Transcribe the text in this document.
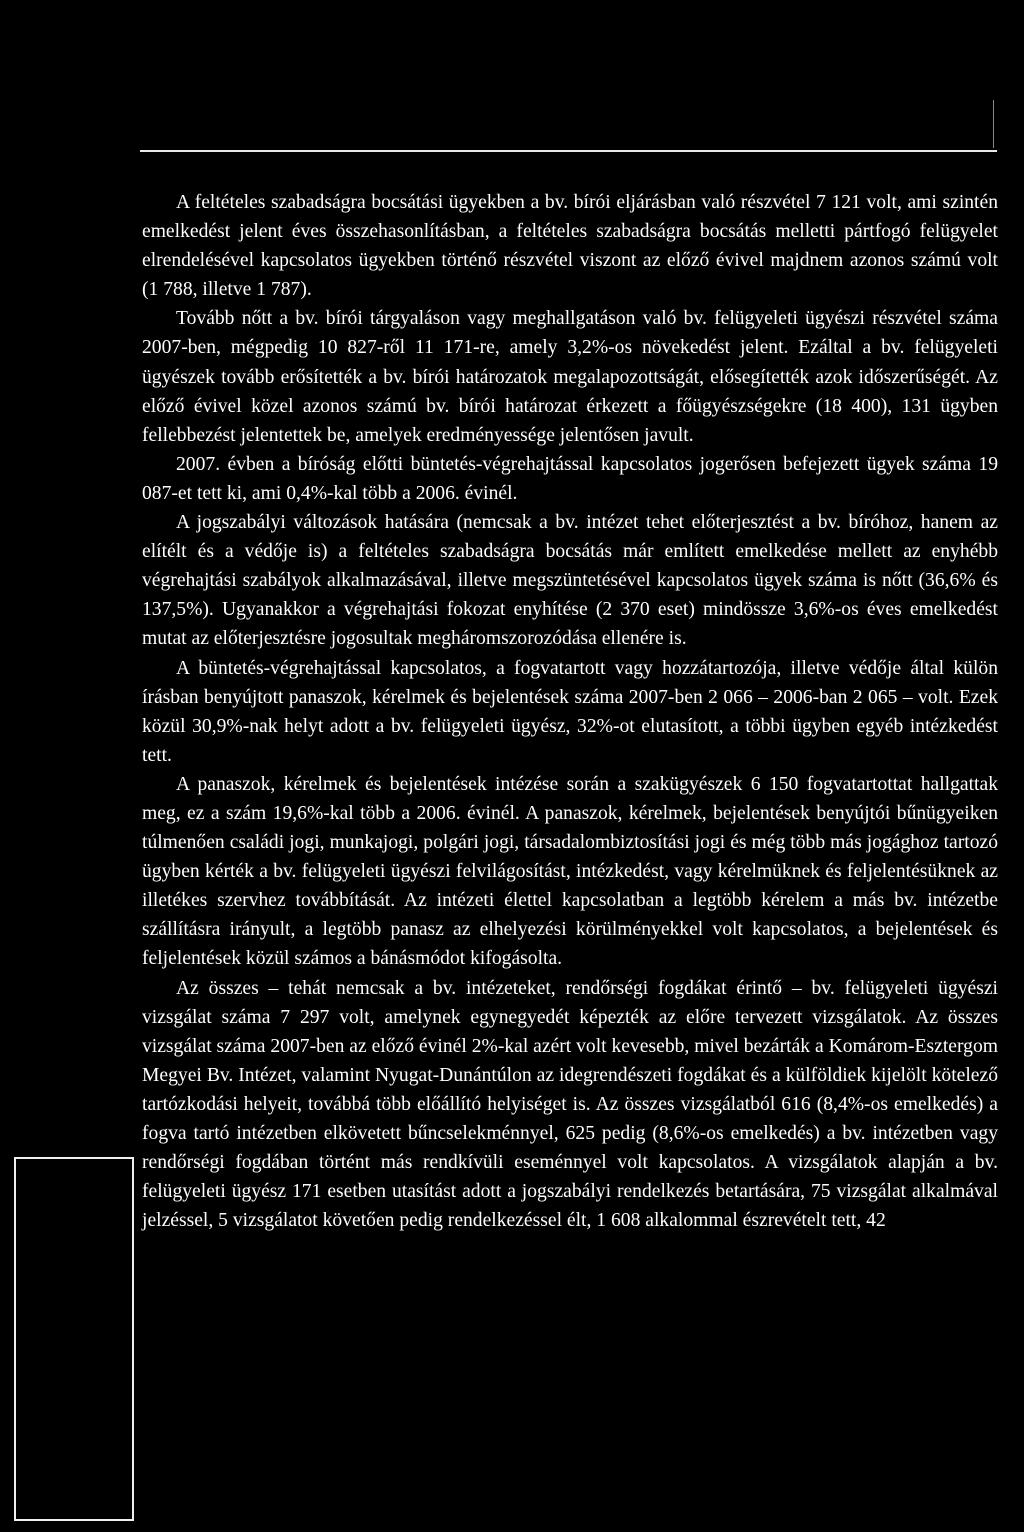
A feltételes szabadságra bocsátási ügyekben a bv. bírói eljárásban való részvétel 7 121 volt, ami szintén emelkedést jelent éves összehasonlításban, a feltételes szabadságra bocsátás melletti pártfogó felügyelet elrendelésével kapcsolatos ügyekben történő részvétel viszont az előző évivel majdnem azonos számú volt (1 788, illetve 1 787).

Tovább nőtt a bv. bírói tárgyaláson vagy meghallgatáson való bv. felügyeleti ügyészi részvétel száma 2007-ben, mégpedig 10 827-ről 11 171-re, amely 3,2%-os növekedést jelent. Ezáltal a bv. felügyeleti ügyészek tovább erősítették a bv. bírói határozatok megalapozottságát, elősegítették azok időszerűségét. Az előző évivel közel azonos számú bv. bírói határozat érkezett a főügyészségekre (18 400), 131 ügyben fellebbezést jelentettek be, amelyek eredményessége jelentősen javult.

2007. évben a bíróság előtti büntetés-végrehajtással kapcsolatos jogerősen befejezett ügyek száma 19 087-et tett ki, ami 0,4%-kal több a 2006. évinél.

A jogszabályi változások hatására (nemcsak a bv. intézet tehet előterjesztést a bv. bíróhoz, hanem az elítélt és a védője is) a feltételes szabadságra bocsátás már említett emelkedése mellett az enyhébb végrehajtási szabályok alkalmazásával, illetve megszüntetésével kapcsolatos ügyek száma is nőtt (36,6% és 137,5%). Ugyanakkor a végrehajtási fokozat enyhítése (2 370 eset) mindössze 3,6%-os éves emelkedést mutat az előterjesztésre jogosultak megháromszorozódása ellenére is.

A büntetés-végrehajtással kapcsolatos, a fogvatartott vagy hozzátartozója, illetve védője által külön írásban benyújtott panaszok, kérelmek és bejelentések száma 2007-ben 2 066 – 2006-ban 2 065 – volt. Ezek közül 30,9%-nak helyt adott a bv. felügyeleti ügyész, 32%-ot elutasított, a többi ügyben egyéb intézkedést tett.

A panaszok, kérelmek és bejelentések intézése során a szakügyészek 6 150 fogvatartottat hallgattak meg, ez a szám 19,6%-kal több a 2006. évinél. A panaszok, kérelmek, bejelentések benyújtói bűnügyeiken túlmenően családi jogi, munkajogi, polgári jogi, társadalombiztosítási jogi és még több más jogághoz tartozó ügyben kérték a bv. felügyeleti ügyészi felvilágosítást, intézkedést, vagy kérelmüknek és feljelentésüknek az illetékes szervhez továbbítását. Az intézeti élettel kapcsolatban a legtöbb kérelem a más bv. intézetbe szállításra irányult, a legtöbb panasz az elhelyezési körülményekkel volt kapcsolatos, a bejelentések és feljelentések közül számos a bánásmódot kifogásolta.

Az összes – tehát nemcsak a bv. intézeteket, rendőrségi fogdákat érintő – bv. felügyeleti ügyészi vizsgálat száma 7 297 volt, amelynek egynegyedét képezték az előre tervezett vizsgálatok. Az összes vizsgálat száma 2007-ben az előző évinél 2%-kal azért volt kevesebb, mivel bezárták a Komárom-Esztergom Megyei Bv. Intézet, valamint Nyugat-Dunántúlon az idegrendészeti fogdákat és a külföldiek kijelölt kötelező tartózkodási helyeit, továbbá több előállító helyiséget is. Az összes vizsgálatból 616 (8,4%-os emelkedés) a fogva tartó intézetben elkövetett bűncselekménnyel, 625 pedig (8,6%-os emelkedés) a bv. intézetben vagy rendőrségi fogdában történt más rendkívüli eseménnyel volt kapcsolatos. A vizsgálatok alapján a bv. felügyeleti ügyész 171 esetben utasítást adott a jogszabályi rendelkezés betartására, 75 vizsgálat alkalmával jelzéssel, 5 vizsgálatot követően pedig rendelkezéssel élt, 1 608 alkalommal észrevételt tett, 42
